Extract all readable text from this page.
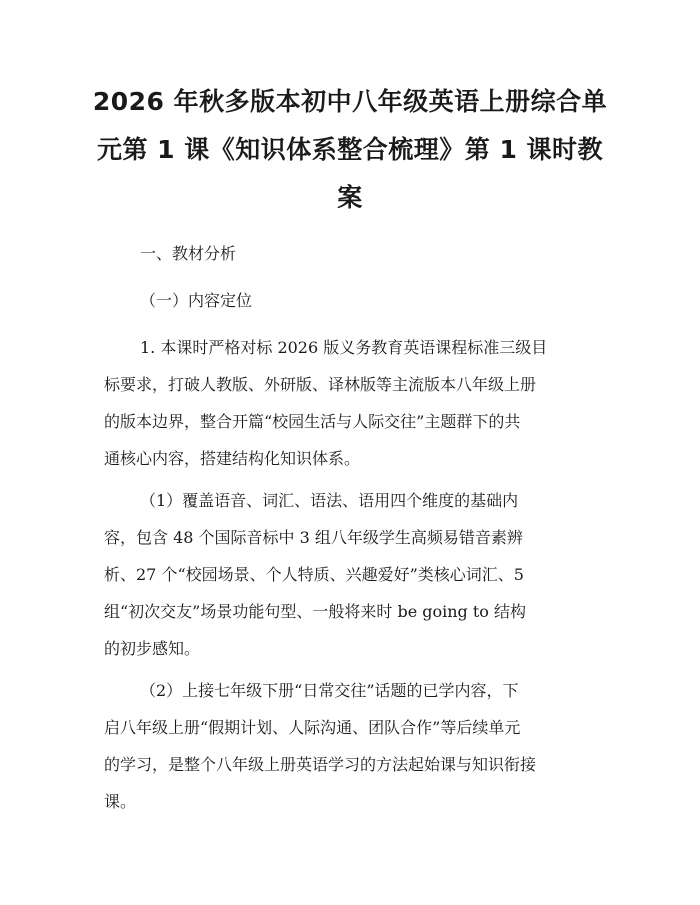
2026 年秋多版本初中八年级英语上册综合单
元第 1 课《知识体系整合梳理》第 1 课时教
案

一、教材分析

（一）内容定位

1. 本课时严格对标 2026 版义务教育英语课程标准三级目
标要求，打破人教版、外研版、译林版等主流版本八年级上册
的版本边界，整合开篇“校园生活与人际交往”主题群下的共
通核心内容，搭建结构化知识体系。

（1）覆盖语音、词汇、语法、语用四个维度的基础内
容，包含 48 个国际音标中 3 组八年级学生高频易错音素辨
析、27 个“校园场景、个人特质、兴趣爱好”类核心词汇、5
组“初次交友”场景功能句型、一般将来时 be going to 结构
的初步感知。

（2）上接七年级下册“日常交往”话题的已学内容，下
启八年级上册“假期计划、人际沟通、团队合作”等后续单元
的学习，是整个八年级上册英语学习的方法起始课与知识衔接
课。
